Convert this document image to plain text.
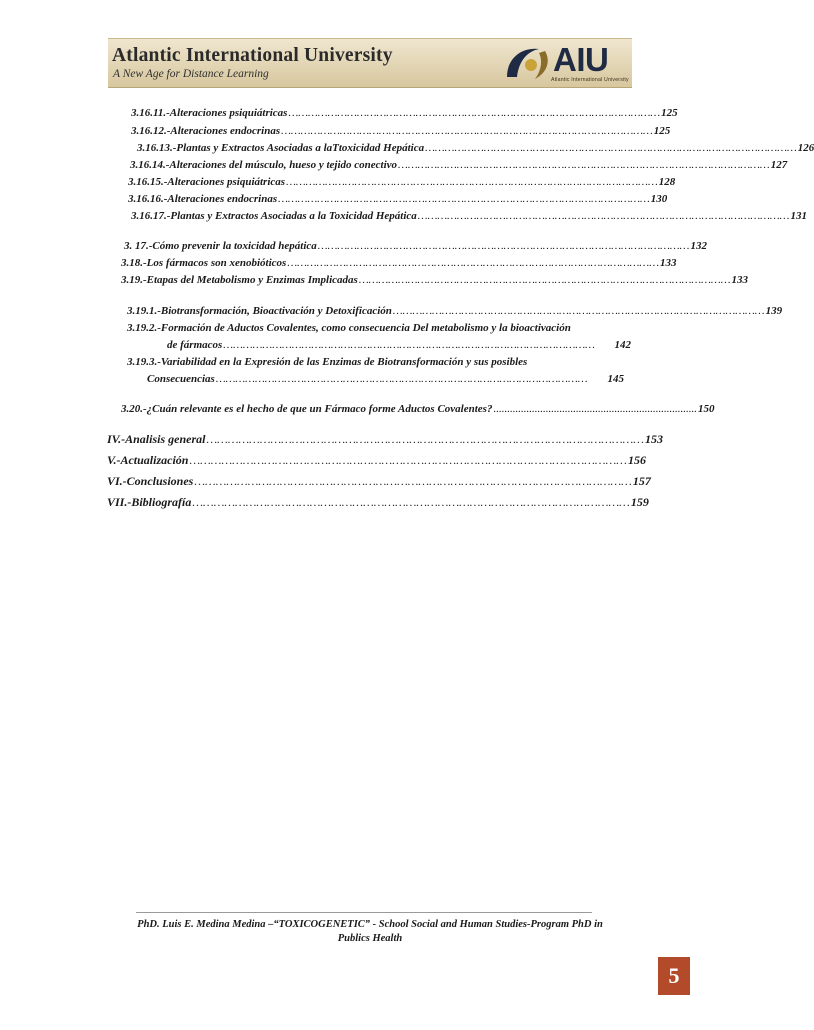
Atlantic International University
A New Age for Distance Learning	AIU
Atlantic International University
3.16.11.-Alteraciones psiquiátricas …………………………………………………………………………………………………… 125
3.16.12.-Alteraciones endocrinas …………………………………………………………………………………………………… 125
3.16.13.-Plantas y Extractos Asociadas a laTtoxicidad Hepática …………………………………………………………………………………………………… 126
3.16.14.-Alteraciones del músculo, hueso y tejido conectivo …………………………………………………………………………………………………… 127
3.16.15.-Alteraciones psiquiátricas …………………………………………………………………………………………………… 128
3.16.16.-Alteraciones endocrinas …………………………………………………………………………………………………… 130
3.16.17.-Plantas y Extractos Asociadas a la Toxicidad Hepática …………………………………………………………………………………………………… 131
3. 17.-Cómo prevenir la toxicidad hepática …………………………………………………………………………………………………… 132
3.18.-Los fármacos son xenobióticos …………………………………………………………………………………………………… 133
3.19.-Etapas del Metabolismo y Enzimas Implicadas …………………………………………………………………………………………………… 133
3.19.1.-Biotransformación, Bioactivación y Detoxificación …………………………………………………………………………………………………… 139
3.19.2.-Formación de Aductos Covalentes, como consecuencia Del metabolismo y la bioactivación
de fármacos ……………………………………………………………………………………………………	142
3.19.3.-Variabilidad en la Expresión de las Enzimas de Biotransformación y sus posibles
Consecuencias ……………………………………………………………………………………………………	145
3.20.-¿Cuán relevante es el hecho de que un Fármaco forme Aductos Covalentes? .......................................................................... 150
IV.-Analisis general …………………………………………………………………………………………………………… 153
V.-Actualización …………………………………………………………………………………………………………… 156
VI.-Conclusiones …………………………………………………………………………………………………………… 157
VII.-Bibliografía …………………………………………………………………………………………………………… 159
PhD. Luis E. Medina Medina –“TOXICOGENETIC” - School Social and Human Studies-Program PhD in
Publics Health
5
